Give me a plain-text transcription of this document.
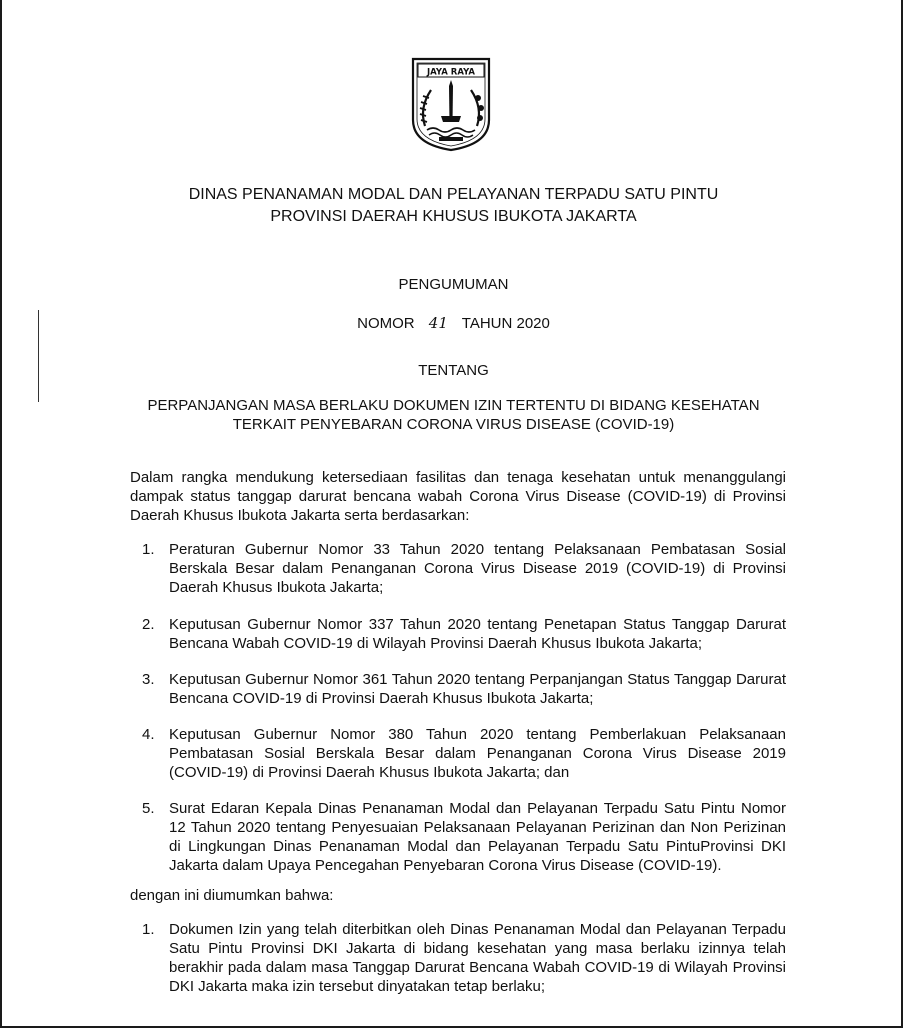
JAYA RAYA
DINAS PENANAMAN MODAL DAN PELAYANAN TERPADU SATU PINTU
PROVINSI DAERAH KHUSUS IBUKOTA JAKARTA
PENGUMUMAN
NOMOR 41 TAHUN 2020
TENTANG
PERPANJANGAN MASA BERLAKU DOKUMEN IZIN TERTENTU DI BIDANG KESEHATAN
TERKAIT PENYEBARAN CORONA VIRUS DISEASE (COVID-19)
Dalam rangka mendukung ketersediaan fasilitas dan tenaga kesehatan untuk menanggulangi dampak status tanggap darurat bencana wabah Corona Virus Disease (COVID-19) di Provinsi Daerah Khusus Ibukota Jakarta serta berdasarkan:
1. Peraturan Gubernur Nomor 33 Tahun 2020 tentang Pelaksanaan Pembatasan Sosial Berskala Besar dalam Penanganan Corona Virus Disease 2019 (COVID-19) di Provinsi Daerah Khusus Ibukota Jakarta;
2. Keputusan Gubernur Nomor 337 Tahun 2020 tentang Penetapan Status Tanggap Darurat Bencana Wabah COVID-19 di Wilayah Provinsi Daerah Khusus Ibukota Jakarta;
3. Keputusan Gubernur Nomor 361 Tahun 2020 tentang Perpanjangan Status Tanggap Darurat Bencana COVID-19 di Provinsi Daerah Khusus Ibukota Jakarta;
4. Keputusan Gubernur Nomor 380 Tahun 2020 tentang Pemberlakuan Pelaksanaan Pembatasan Sosial Berskala Besar dalam Penanganan Corona Virus Disease 2019 (COVID-19) di Provinsi Daerah Khusus Ibukota Jakarta; dan
5. Surat Edaran Kepala Dinas Penanaman Modal dan Pelayanan Terpadu Satu Pintu Nomor 12 Tahun 2020 tentang Penyesuaian Pelaksanaan Pelayanan Perizinan dan Non Perizinan di Lingkungan Dinas Penanaman Modal dan Pelayanan Terpadu Satu PintuProvinsi DKI Jakarta dalam Upaya Pencegahan Penyebaran Corona Virus Disease (COVID-19).
dengan ini diumumkan bahwa:
1. Dokumen Izin yang telah diterbitkan oleh Dinas Penanaman Modal dan Pelayanan Terpadu Satu Pintu Provinsi DKI Jakarta di bidang kesehatan yang masa berlaku izinnya telah berakhir pada dalam masa Tanggap Darurat Bencana Wabah COVID-19 di Wilayah Provinsi DKI Jakarta maka izin tersebut dinyatakan tetap berlaku;
